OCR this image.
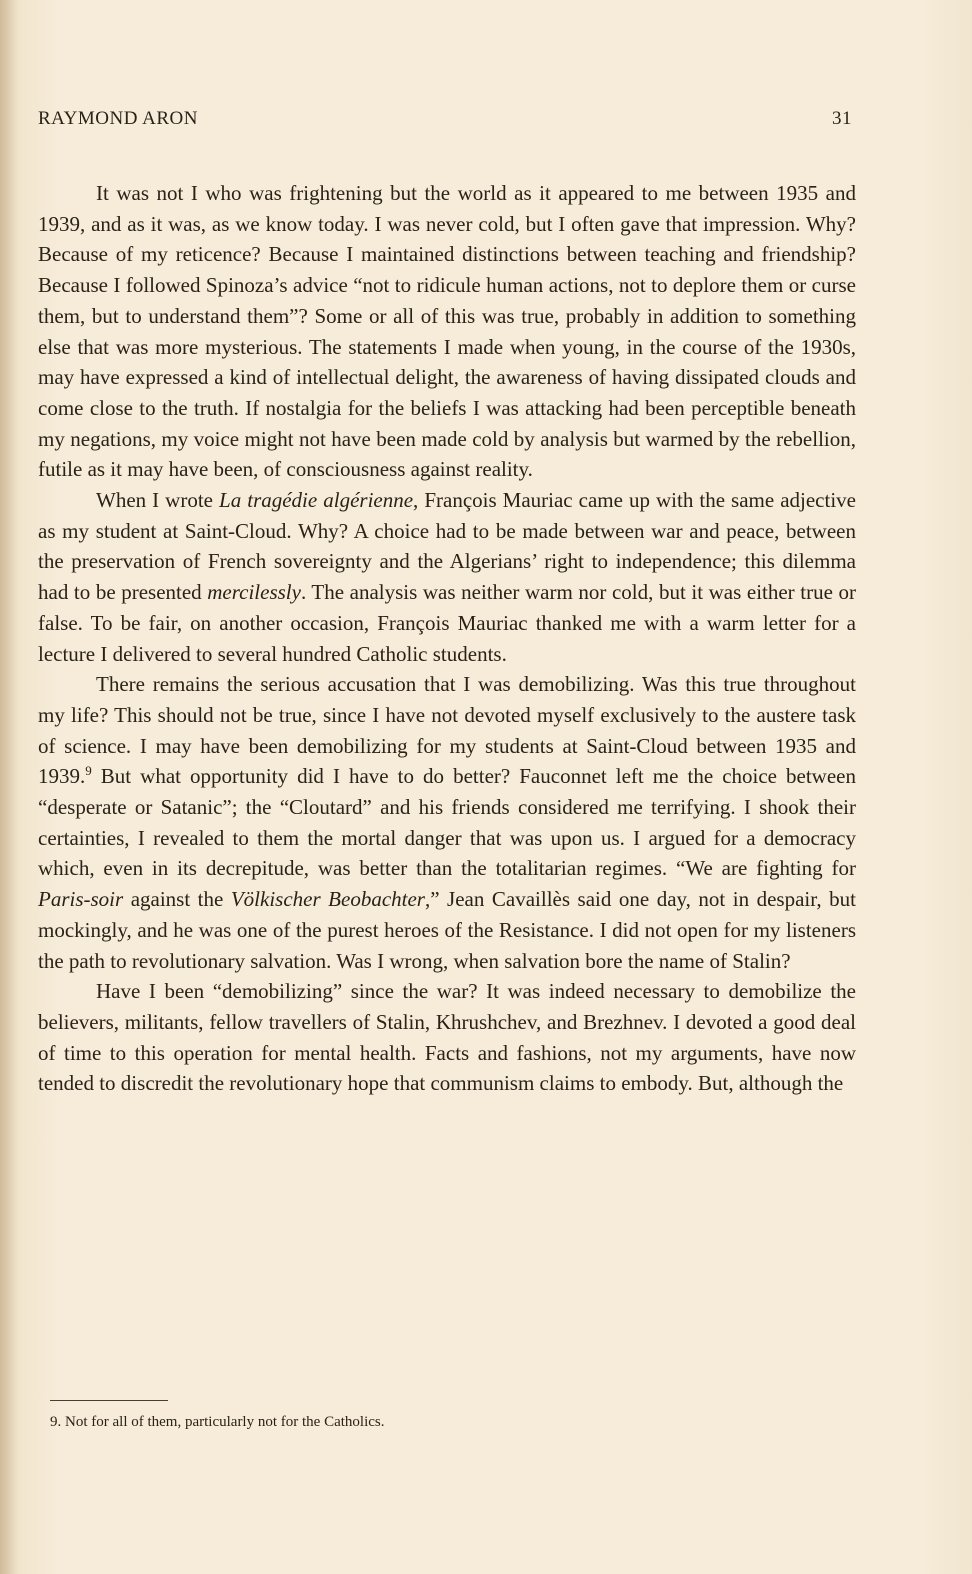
RAYMOND ARON	31

It was not I who was frightening but the world as it appeared to me between 1935 and 1939, and as it was, as we know today. I was never cold, but I often gave that impression. Why? Because of my reticence? Because I maintained distinctions between teaching and friendship? Because I followed Spinoza’s advice “not to ridicule human actions, not to deplore them or curse them, but to understand them”? Some or all of this was true, probably in addition to something else that was more mysterious. The statements I made when young, in the course of the 1930s, may have expressed a kind of intellectual delight, the awareness of having dissipated clouds and come close to the truth. If nostalgia for the beliefs I was attacking had been perceptible beneath my negations, my voice might not have been made cold by analysis but warmed by the rebellion, futile as it may have been, of consciousness against reality.

When I wrote La tragédie algérienne, François Mauriac came up with the same adjective as my student at Saint-Cloud. Why? A choice had to be made between war and peace, between the preservation of French sovereignty and the Algerians’ right to independence; this dilemma had to be presented mercilessly. The analysis was neither warm nor cold, but it was either true or false. To be fair, on another occasion, François Mauriac thanked me with a warm letter for a lecture I delivered to several hundred Catholic students.

There remains the serious accusation that I was demobilizing. Was this true throughout my life? This should not be true, since I have not devoted myself exclusively to the austere task of science. I may have been demobilizing for my students at Saint-Cloud between 1935 and 1939.$^9$ But what opportunity did I have to do better? Fauconnet left me the choice between “desperate or Satanic”; the “Cloutard” and his friends considered me terrifying. I shook their certainties, I revealed to them the mortal danger that was upon us. I argued for a democracy which, even in its decrepitude, was better than the totalitarian regimes. “We are fighting for Paris-soir against the Völkischer Beobachter,” Jean Cavaillès said one day, not in despair, but mockingly, and he was one of the purest heroes of the Resistance. I did not open for my listeners the path to revolutionary salvation. Was I wrong, when salvation bore the name of Stalin?

Have I been “demobilizing” since the war? It was indeed necessary to demobilize the believers, militants, fellow travellers of Stalin, Khrushchev, and Brezhnev. I devoted a good deal of time to this operation for mental health. Facts and fashions, not my arguments, have now tended to discredit the revolutionary hope that communism claims to embody. But, although the

9. Not for all of them, particularly not for the Catholics.
